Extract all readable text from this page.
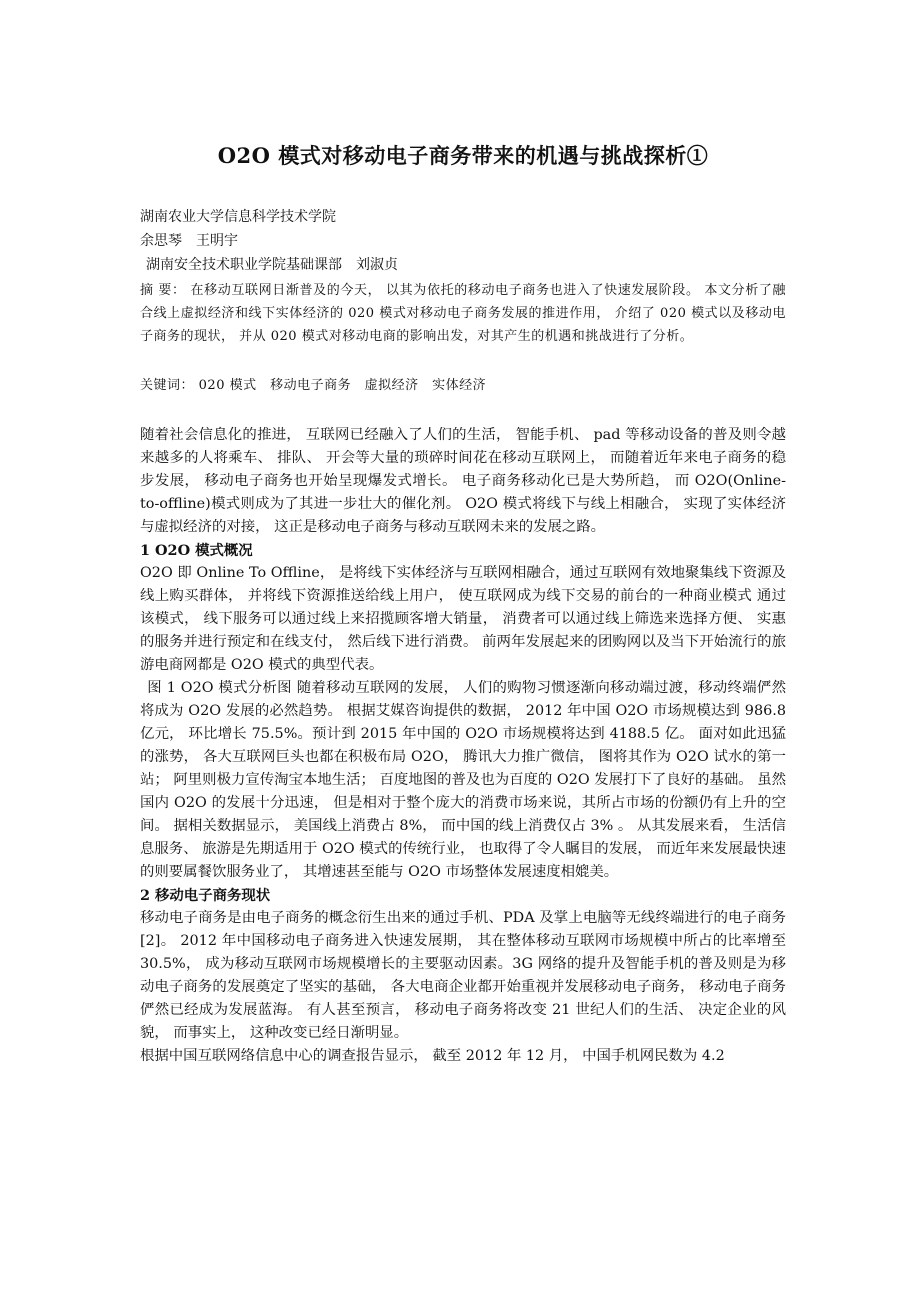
O2O 模式对移动电子商务带来的机遇与挑战探析①

湖南农业大学信息科学技术学院

余思琴　王明宇

湖南安全技术职业学院基础课部　刘淑贞

摘 要： 在移动互联网日渐普及的今天， 以其为依托的移动电子商务也进入了快速发展阶段。 本文分析了融合线上虚拟经济和线下实体经济的 020 模式对移动电子商务发展的推进作用， 介绍了 020 模式以及移动电子商务的现状， 并从 020 模式对移动电商的影响出发，对其产生的机遇和挑战进行了分析。

关键词： 020 模式　移动电子商务　虚拟经济　实体经济

随着社会信息化的推进， 互联网已经融入了人们的生活， 智能手机、 pad 等移动设备的普及则令越来越多的人将乘车、 排队、 开会等大量的琐碎时间花在移动互联网上， 而随着近年来电子商务的稳步发展， 移动电子商务也开始呈现爆发式增长。 电子商务移动化已是大势所趋， 而 O2O(Online-to-offline)模式则成为了其进一步壮大的催化剂。 O2O 模式将线下与线上相融合， 实现了实体经济与虚拟经济的对接， 这正是移动电子商务与移动互联网未来的发展之路。

1 O2O 模式概况

O2O 即 Online To Offline， 是将线下实体经济与互联网相融合，通过互联网有效地聚集线下资源及线上购买群体， 并将线下资源推送给线上用户， 使互联网成为线下交易的前台的一种商业模式 通过该模式， 线下服务可以通过线上来招揽顾客增大销量， 消费者可以通过线上筛选来选择方便、 实惠的服务并进行预定和在线支付， 然后线下进行消费。 前两年发展起来的团购网以及当下开始流行的旅游电商网都是 O2O 模式的典型代表。

图 1 O2O 模式分析图 随着移动互联网的发展， 人们的购物习惯逐渐向移动端过渡，移动终端俨然将成为 O2O 发展的必然趋势。 根据艾媒咨询提供的数据， 2012 年中国 O2O 市场规模达到 986.8 亿元， 环比增长 75.5%。预计到 2015 年中国的 O2O 市场规模将达到 4188.5 亿。 面对如此迅猛的涨势， 各大互联网巨头也都在积极布局 O2O， 腾讯大力推广微信， 图将其作为 O2O 试水的第一站； 阿里则极力宣传淘宝本地生活； 百度地图的普及也为百度的 O2O 发展打下了良好的基础。 虽然国内 O2O 的发展十分迅速， 但是相对于整个庞大的消费市场来说，其所占市场的份额仍有上升的空间。 据相关数据显示， 美国线上消费占 8%， 而中国的线上消费仅占 3% 。 从其发展来看， 生活信息服务、 旅游是先期适用于 O2O 模式的传统行业， 也取得了令人瞩目的发展， 而近年来发展最快速的则要属餐饮服务业了， 其增速甚至能与 O2O 市场整体发展速度相媲美。

2 移动电子商务现状

移动电子商务是由电子商务的概念衍生出来的通过手机、PDA 及掌上电脑等无线终端进行的电子商务[2]。 2012 年中国移动电子商务进入快速发展期， 其在整体移动互联网市场规模中所占的比率增至 30.5%， 成为移动互联网市场规模增长的主要驱动因素。3G 网络的提升及智能手机的普及则是为移动电子商务的发展奠定了坚实的基础， 各大电商企业都开始重视并发展移动电子商务， 移动电子商务俨然已经成为发展蓝海。 有人甚至预言， 移动电子商务将改变 21 世纪人们的生活、 决定企业的风貌， 而事实上， 这种改变已经日渐明显。

根据中国互联网络信息中心的调查报告显示， 截至 2012 年 12 月， 中国手机网民数为 4.2
